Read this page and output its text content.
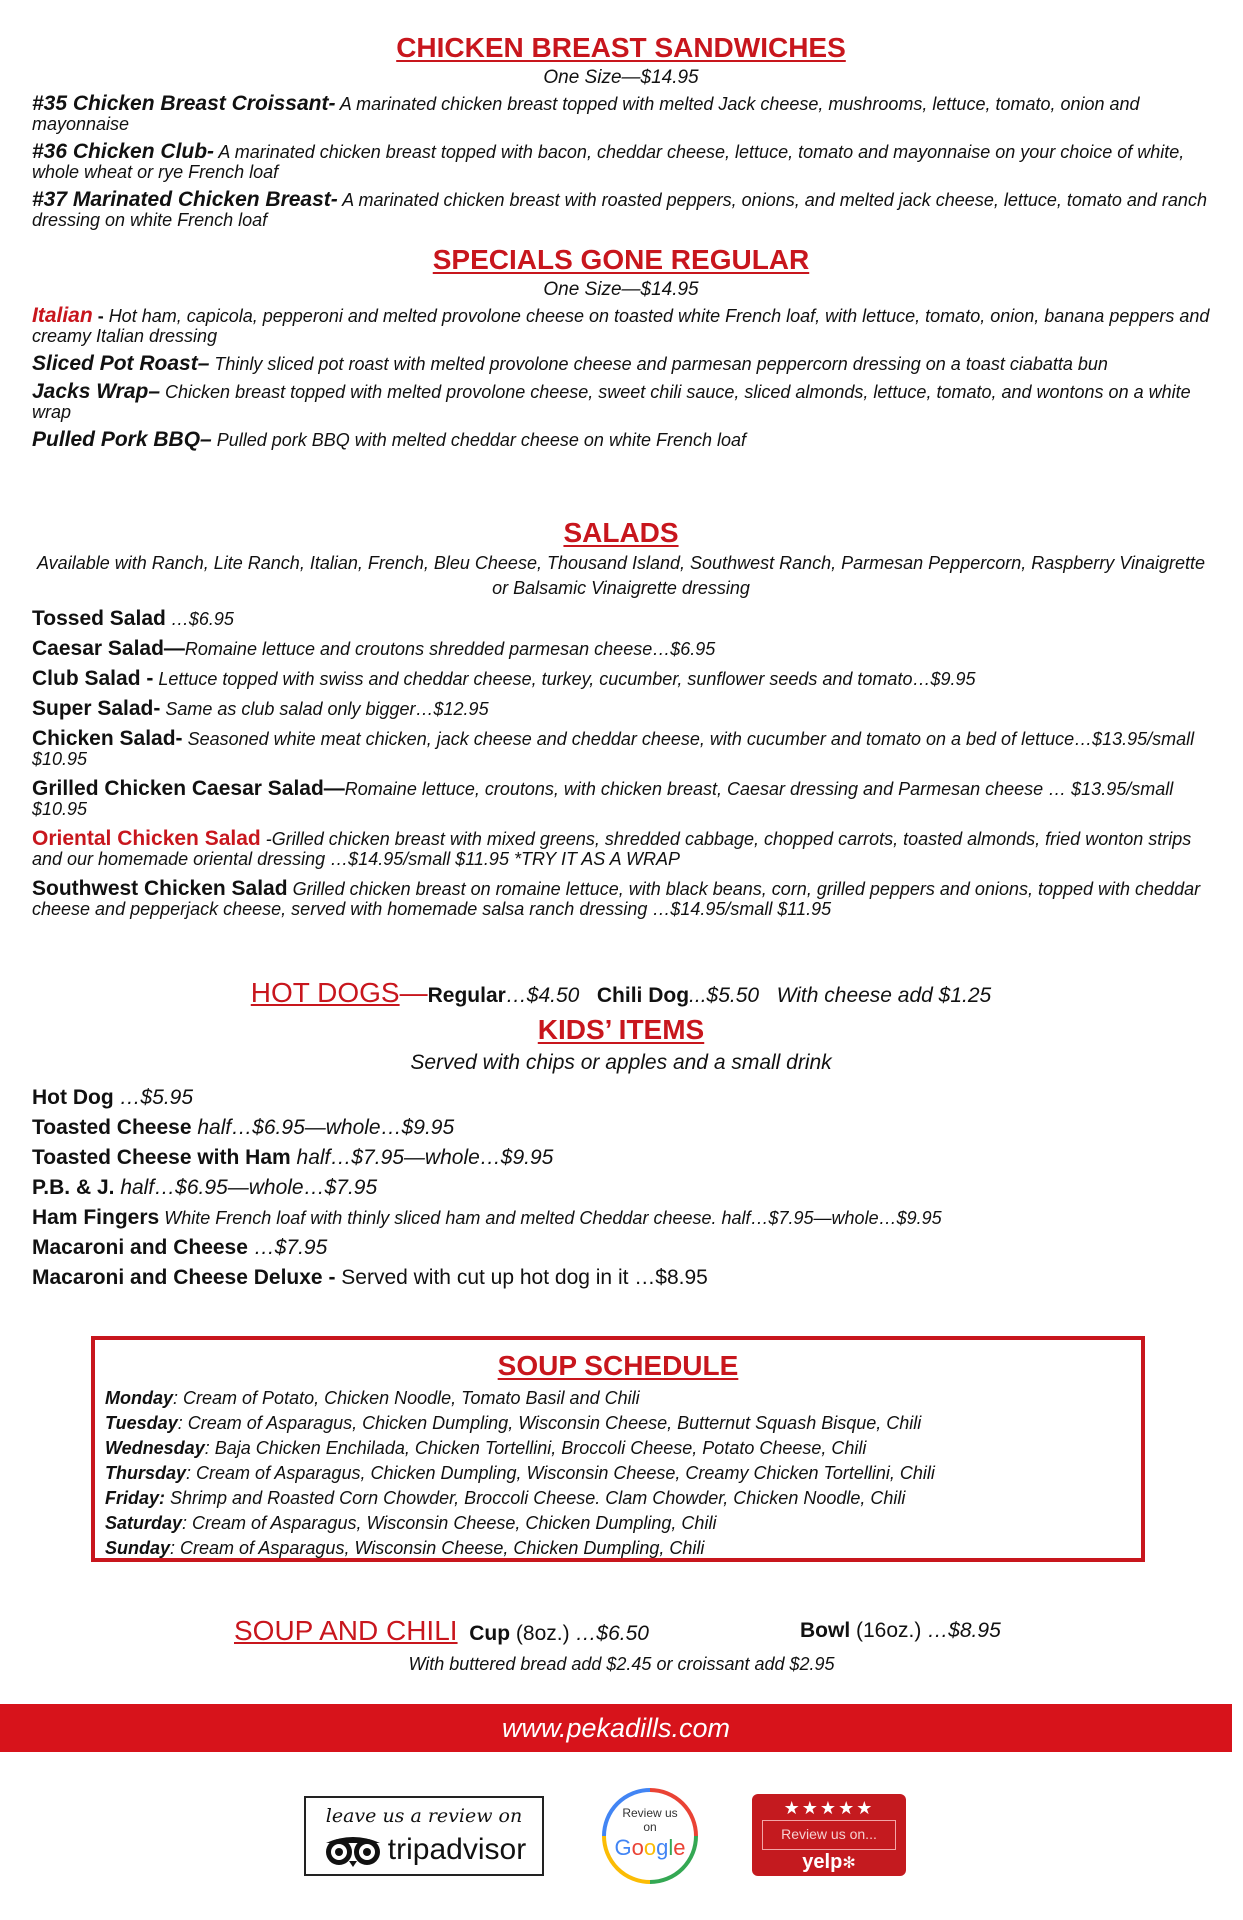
CHICKEN BREAST SANDWICHES

One Size—$14.95

#35 Chicken Breast Croissant- A marinated chicken breast topped with melted Jack cheese, mushrooms, lettuce, tomato, onion and mayonnaise

#36 Chicken Club- A marinated chicken breast topped with bacon, cheddar cheese, lettuce, tomato and mayonnaise on your choice of white, whole wheat or rye French loaf

#37 Marinated Chicken Breast- A marinated chicken breast with roasted peppers, onions, and melted jack cheese, lettuce, tomato and ranch dressing on white French loaf

SPECIALS GONE REGULAR

One Size—$14.95

Italian - Hot ham, capicola, pepperoni and melted provolone cheese on toasted white French loaf, with lettuce, tomato, onion, banana peppers and creamy Italian dressing

Sliced Pot Roast– Thinly sliced pot roast with melted provolone cheese and parmesan peppercorn dressing on a toast ciabatta bun

Jacks Wrap– Chicken breast topped with melted provolone cheese, sweet chili sauce, sliced almonds, lettuce, tomato, and wontons on a white wrap

Pulled Pork BBQ– Pulled pork BBQ with melted cheddar cheese on white French loaf

SALADS

Available with Ranch, Lite Ranch, Italian, French, Bleu Cheese, Thousand Island, Southwest Ranch, Parmesan Peppercorn, Raspberry Vinaigrette or Balsamic Vinaigrette dressing

Tossed Salad …$6.95

Caesar Salad—Romaine lettuce and croutons shredded parmesan cheese…$6.95

Club Salad - Lettuce topped with swiss and cheddar cheese, turkey, cucumber, sunflower seeds and tomato…$9.95

Super Salad- Same as club salad only bigger…$12.95

Chicken Salad- Seasoned white meat chicken, jack cheese and cheddar cheese, with cucumber and tomato on a bed of lettuce…$13.95/small $10.95

Grilled Chicken Caesar Salad—Romaine lettuce, croutons, with chicken breast, Caesar dressing and Parmesan cheese … $13.95/small $10.95

Oriental Chicken Salad -Grilled chicken breast with mixed greens, shredded cabbage, chopped carrots, toasted almonds, fried wonton strips and our homemade oriental dressing …$14.95/small $11.95 *TRY IT AS A WRAP

Southwest Chicken Salad Grilled chicken breast on romaine lettuce, with black beans, corn, grilled peppers and onions, topped with cheddar cheese and pepperjack cheese, served with homemade salsa ranch dressing …$14.95/small $11.95

HOT DOGS—Regular…$4.50 Chili Dog...$5.50 With cheese add $1.25
KIDS’ ITEMS

Served with chips or apples and a small drink

Hot Dog …$5.95

Toasted Cheese half…$6.95—whole…$9.95

Toasted Cheese with Ham half…$7.95—whole…$9.95

P.B. & J. half…$6.95—whole…$7.95

Ham Fingers White French loaf with thinly sliced ham and melted Cheddar cheese. half…$7.95—whole…$9.95

Macaroni and Cheese …$7.95

Macaroni and Cheese Deluxe - Served with cut up hot dog in it …$8.95

SOUP SCHEDULE

Monday: Cream of Potato, Chicken Noodle, Tomato Basil and Chili

Tuesday: Cream of Asparagus, Chicken Dumpling, Wisconsin Cheese, Butternut Squash Bisque, Chili

Wednesday: Baja Chicken Enchilada, Chicken Tortellini, Broccoli Cheese, Potato Cheese, Chili

Thursday: Cream of Asparagus, Chicken Dumpling, Wisconsin Cheese, Creamy Chicken Tortellini, Chili

Friday: Shrimp and Roasted Corn Chowder, Broccoli Cheese. Clam Chowder, Chicken Noodle, Chili

Saturday: Cream of Asparagus, Wisconsin Cheese, Chicken Dumpling, Chili

Sunday: Cream of Asparagus, Wisconsin Cheese, Chicken Dumpling, Chili

SOUP AND CHILI Cup (8oz.) …$6.50	Bowl (16oz.) …$8.95
With buttered bread add $2.45 or croissant add $2.95
www.pekadills.com
leave us a review on
tripadvisor
Review us
on
Google
★★★★★
Review us on...
yelp✻
